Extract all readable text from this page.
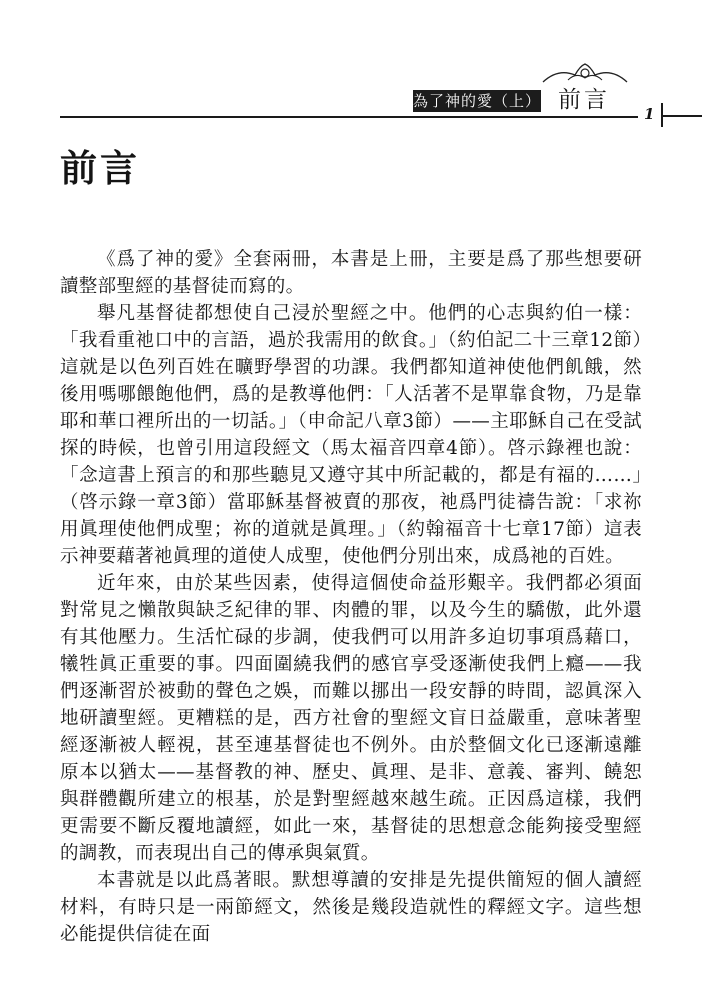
為了神的愛（上） 前言
1
前言

《爲了神的愛》全套兩冊，本書是上冊，主要是爲了那些想要研讀整部聖經的基督徒而寫的。

舉凡基督徒都想使自己浸於聖經之中。他們的心志與約伯一樣：「我看重祂口中的言語，過於我需用的飲食。」（約伯記二十三章12節）這就是以色列百姓在曠野學習的功課。我們都知道神使他們飢餓，然後用嗎哪餵飽他們，爲的是教導他們：「人活著不是單靠食物，乃是靠耶和華口裡所出的一切話。」（申命記八章3節）——主耶穌自己在受試探的時候，也曾引用這段經文（馬太福音四章4節）。啓示錄裡也說：「念這書上預言的和那些聽見又遵守其中所記載的，都是有福的……」（啓示錄一章3節）當耶穌基督被賣的那夜，祂爲門徒禱告說：「求祢用眞理使他們成聖；祢的道就是眞理。」（約翰福音十七章17節）這表示神要藉著祂眞理的道使人成聖，使他們分別出來，成爲祂的百姓。

近年來，由於某些因素，使得這個使命益形艱辛。我們都必須面對常見之懶散與缺乏紀律的罪、肉體的罪，以及今生的驕傲，此外還有其他壓力。生活忙碌的步調，使我們可以用許多迫切事項爲藉口，犧牲眞正重要的事。四面圍繞我們的感官享受逐漸使我們上癮——我們逐漸習於被動的聲色之娛，而難以挪出一段安靜的時間，認眞深入地研讀聖經。更糟糕的是，西方社會的聖經文盲日益嚴重，意味著聖經逐漸被人輕視，甚至連基督徒也不例外。由於整個文化已逐漸遠離原本以猶太——基督教的神、歷史、眞理、是非、意義、審判、饒恕與群體觀所建立的根基，於是對聖經越來越生疏。正因爲這樣，我們更需要不斷反覆地讀經，如此一來，基督徒的思想意念能夠接受聖經的調教，而表現出自己的傳承與氣質。

本書就是以此爲著眼。默想導讀的安排是先提供簡短的個人讀經材料，有時只是一兩節經文，然後是幾段造就性的釋經文字。這些想必能提供信徒在面
